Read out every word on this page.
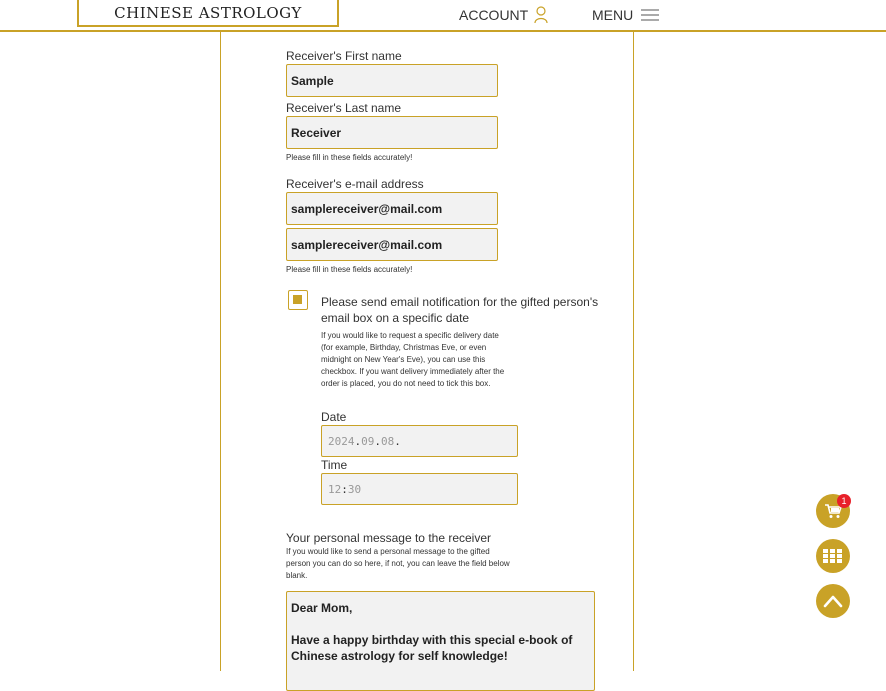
CHINESE ASTROLOGY	ACCOUNT	MENU
Receiver's First name
Sample
Receiver's Last name
Receiver
Please fill in these fields accurately!
Receiver's e-mail address
samplereceiver@mail.com
samplereceiver@mail.com
Please fill in these fields accurately!
Please send email notification for the gifted person's email box on a specific date
If you would like to request a specific delivery date (for example, Birthday, Christmas Eve, or even midnight on New Year's Eve), you can use this checkbox. If you want delivery immediately after the order is placed, you do not need to tick this box.
Date
2024 . 09 . 08 .
Time
12 : 30
Your personal message to the receiver
If you would like to send a personal message to the gifted person you can do so here, if not, you can leave the field below blank.
Dear Mom,

Have a happy birthday with this special e-book of Chinese astrology for self knowledge!
1
